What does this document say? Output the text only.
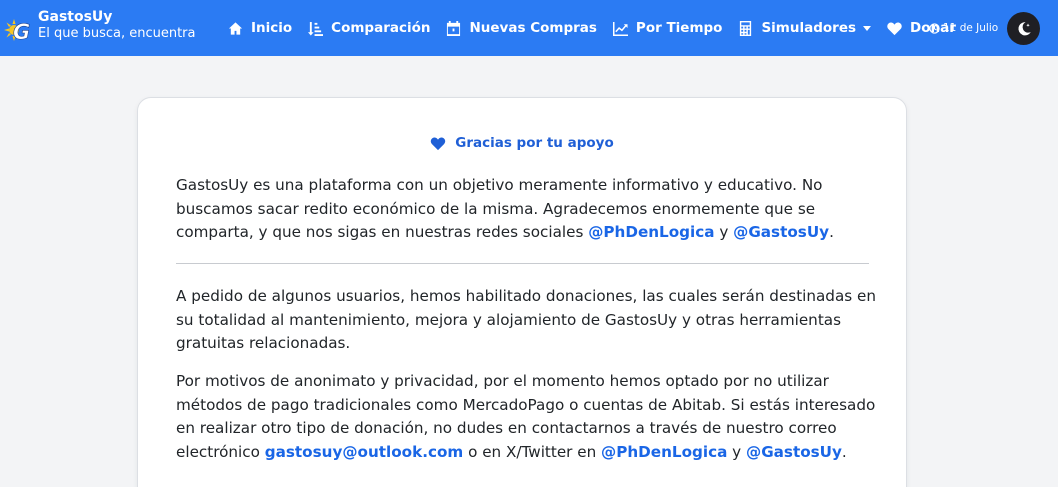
G
GastosUy
El que busca, encuentra	Inicio	Comparación	Nuevas Compras	Por Tiempo	Simuladores	Donar
11 de Julio
Gracias por tu apoyo

GastosUy es una plataforma con un objetivo meramente informativo y educativo. No buscamos sacar redito económico de la misma. Agradecemos enormemente que se comparta, y que nos sigas en nuestras redes sociales @PhDenLogica y @GastosUy.

A pedido de algunos usuarios, hemos habilitado donaciones, las cuales serán destinadas en su totalidad al mantenimiento, mejora y alojamiento de GastosUy y otras herramientas gratuitas relacionadas.

Por motivos de anonimato y privacidad, por el momento hemos optado por no utilizar métodos de pago tradicionales como MercadoPago o cuentas de Abitab. Si estás interesado en realizar otro tipo de donación, no dudes en contactarnos a través de nuestro correo electrónico gastosuy@outlook.com o en X/Twitter en @PhDenLogica y @GastosUy.
